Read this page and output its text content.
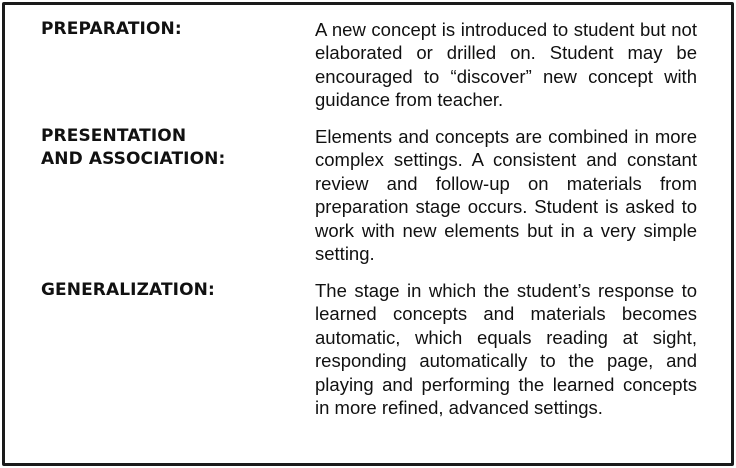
PREPARATION:	A new concept is introduced to student but not elaborated or drilled on. Student may be encouraged to “discover” new concept with guidance from teacher.
PRESENTATION
AND ASSOCIATION:
Elements and concepts are combined in more complex settings. A consistent and constant review and follow-up on materials from preparation stage occurs. Student is asked to work with new elements but in a very simple setting.
GENERALIZATION:	The stage in which the student’s response to learned concepts and materials becomes automatic, which equals reading at sight, responding automatically to the page, and playing and performing the learned concepts in more refined, advanced settings.
